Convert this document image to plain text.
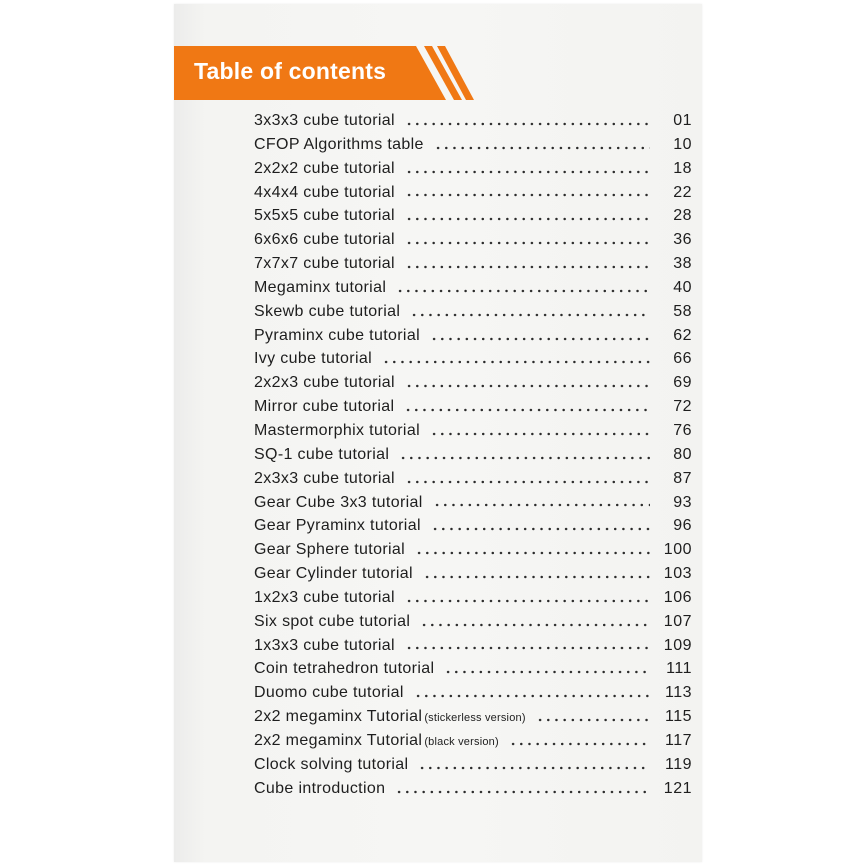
Table of contents
3x3x3 cube tutorial	01
CFOP Algorithms table	10
2x2x2 cube tutorial	18
4x4x4 cube tutorial	22
5x5x5 cube tutorial	28
6x6x6 cube tutorial	36
7x7x7 cube tutorial	38
Megaminx tutorial	40
Skewb cube tutorial	58
Pyraminx cube tutorial	62
Ivy cube tutorial	66
2x2x3 cube tutorial	69
Mirror cube tutorial	72
Mastermorphix tutorial	76
SQ-1 cube tutorial	80
2x3x3 cube tutorial	87
Gear Cube 3x3 tutorial	93
Gear Pyraminx tutorial	96
Gear Sphere tutorial	100
Gear Cylinder tutorial	103
1x2x3 cube tutorial	106
Six spot cube tutorial	107
1x3x3 cube tutorial	109
Coin tetrahedron tutorial	111
Duomo cube tutorial	113
2x2 megaminx Tutorial (stickerless version)	115
2x2 megaminx Tutorial (black version)	117
Clock solving tutorial	119
Cube introduction	121
